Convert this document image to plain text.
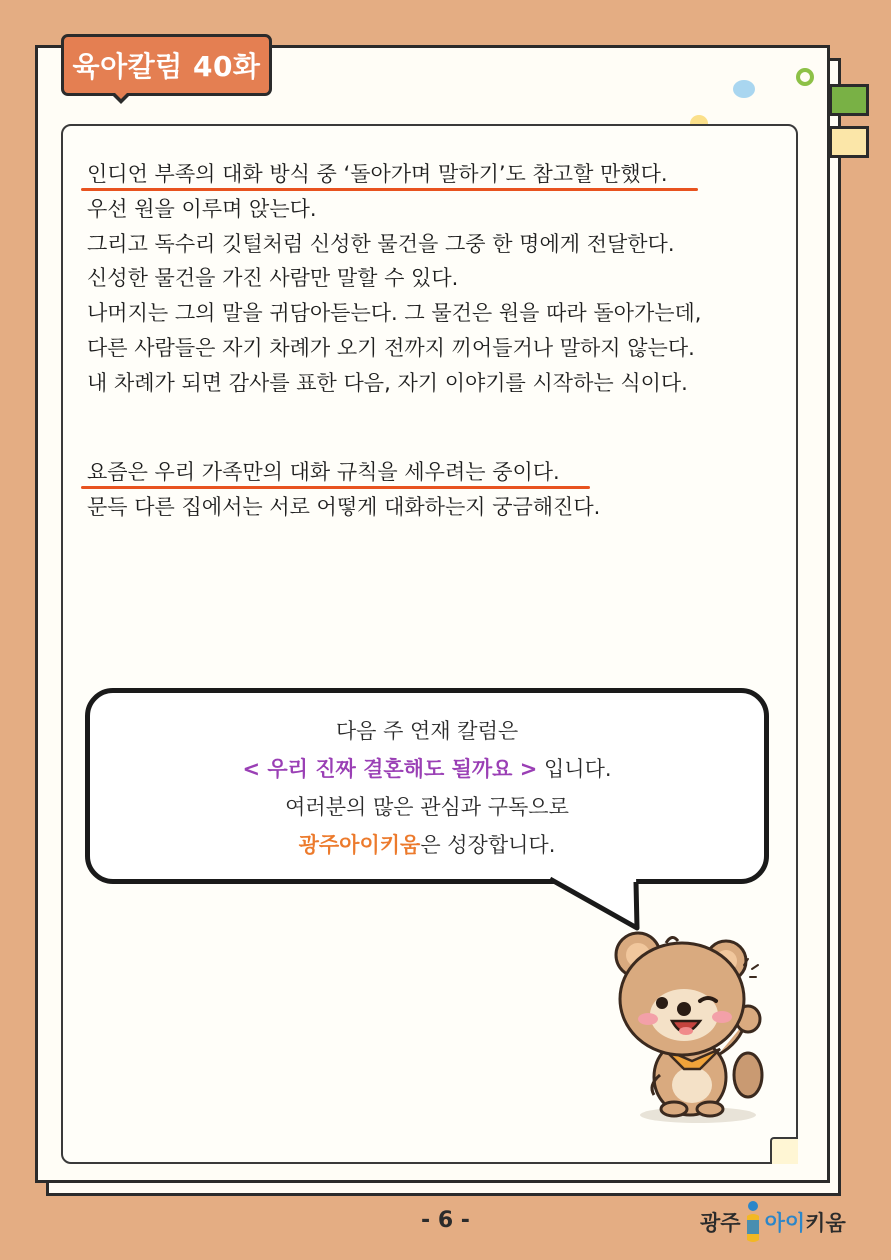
육아칼럼 40화
인디언 부족의 대화 방식 중 ‘돌아가며 말하기’도 참고할 만했다.
우선 원을 이루며 앉는다.
그리고 독수리 깃털처럼 신성한 물건을 그중 한 명에게 전달한다.
신성한 물건을 가진 사람만 말할 수 있다.
나머지는 그의 말을 귀담아듣는다. 그 물건은 원을 따라 돌아가는데,
다른 사람들은 자기 차례가 오기 전까지 끼어들거나 말하지 않는다.
내 차례가 되면 감사를 표한 다음, 자기 이야기를 시작하는 식이다.
요즘은 우리 가족만의 대화 규칙을 세우려는 중이다.
문득 다른 집에서는 서로 어떻게 대화하는지 궁금해진다.
다음 주 연재 칼럼은
< 우리 진짜 결혼해도 될까요 > 입니다.
여러분의 많은 관심과 구독으로
광주아이키움은 성장합니다.
- 6 -	광주 아이키움
